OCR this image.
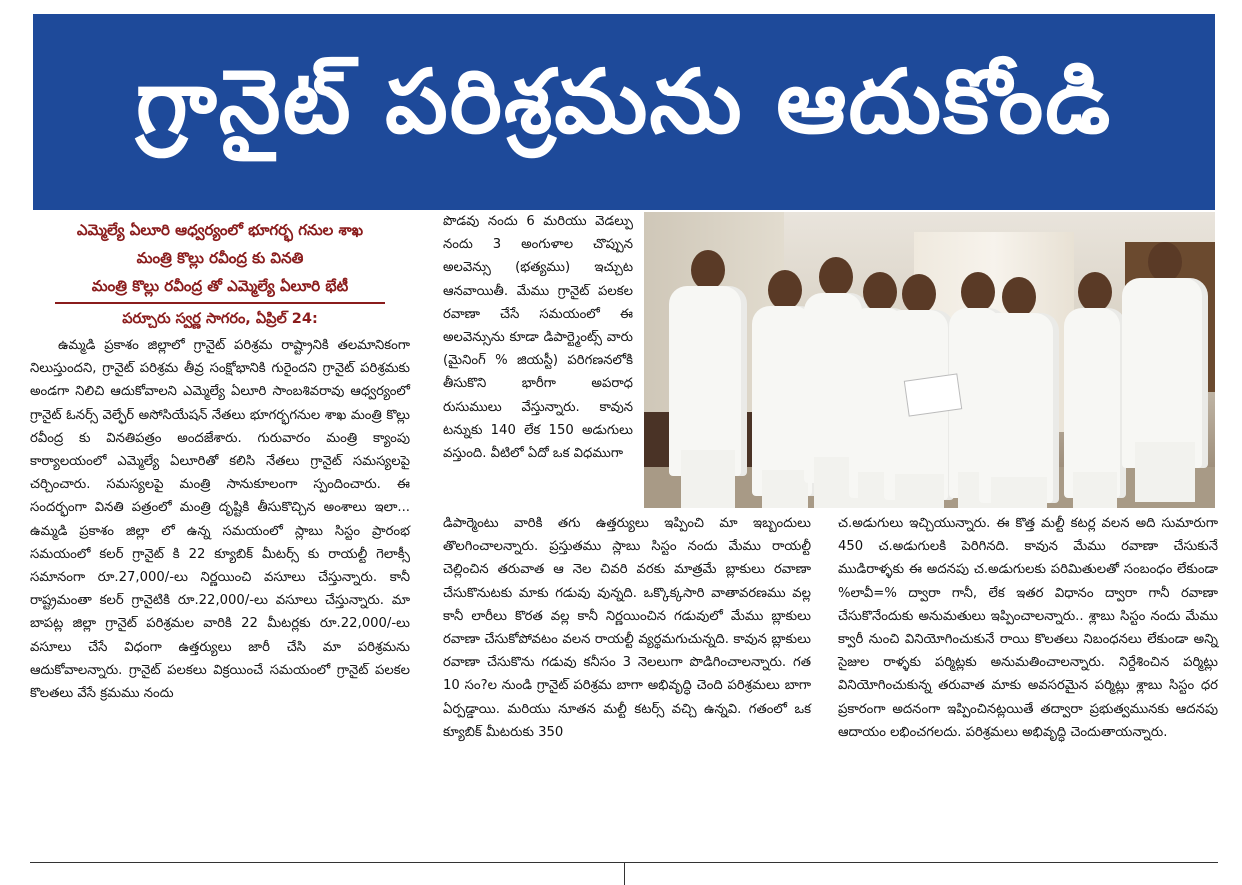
గ్రానైట్ పరిశ్రమను ఆదుకోండి
ఎమ్మెల్యే ఏలూరి ఆధ్వర్యంలో భూగర్భ గనుల శాఖ
మంత్రి కొల్లు రవీంద్ర కు వినతి
మంత్రి కొల్లు రవీంద్ర తో ఎమ్మెల్యే ఏలూరి భేటీ
పర్చూరు స్వర్ణ సాగరం, ఏప్రిల్ 24:

ఉమ్మడి ప్రకాశం జిల్లాలో గ్రానైట్ పరిశ్రమ రాష్ట్రానికి తలమానికంగా నిలుస్తుందని, గ్రానైట్ పరిశ్రమ తీవ్ర సంక్షోభానికి గురైందని గ్రానైట్ పరిశ్రమకు అండగా నిలిచి ఆదుకోవాలని ఎమ్మెల్యే ఏలూరి సాంబశివరావు ఆధ్వర్యంలో గ్రానైట్ ఓనర్స్ వెల్ఫేర్ అసోసియేషన్ నేతలు భూగర్భగనుల శాఖ మంత్రి కొల్లు రవీంద్ర కు వినతిపత్రం అందజేశారు. గురువారం మంత్రి క్యాంపు కార్యాలయంలో ఎమ్మెల్యే ఏలూరితో కలిసి నేతలు గ్రానైట్ సమస్యలపై చర్చించారు. సమస్యలపై మంత్రి సానుకూలంగా స్పందించారు. ఈ సందర్భంగా వినతి పత్రంలో మంత్రి దృష్టికి తీసుకొచ్చిన అంశాలు ఇలా... ఉమ్మడి ప్రకాశం జిల్లా లో ఉన్న సమయంలో స్లాబు సిస్టం ప్రారంభ సమయంలో కలర్ గ్రానైట్ కి 22 క్యూబిక్ మీటర్స్ కు రాయల్టీ గెలాక్సీ సమానంగా రూ.27,000/-లు నిర్ణయించి వసూలు చేస్తున్నారు. కానీ రాష్ట్రమంతా కలర్ గ్రానైటికి రూ.22,000/-లు వసూలు చేస్తున్నారు. మా బాపట్ల జిల్లా గ్రానైట్ పరిశ్రమల వారికి 22 మీటర్లకు రూ.22,000/-లు వసూలు చేసే విధంగా ఉత్తర్యులు జారీ చేసి మా పరిశ్రమను ఆదుకోవాలన్నారు. గ్రానైట్ పలకలు విక్రయించే సమయంలో గ్రానైట్ పలకల కొలతలు వేసే క్రమము నందు

పొడవు నందు 6 మరియు వెడల్పు నందు 3 అంగుళాల చొప్పున అలవెన్సు (భత్యము) ఇచ్చుట ఆనవాయితీ. మేము గ్రానైట్ పలకల రవాణా చేసే సమయంలో ఈ అలవెన్సును కూడా డిపార్ట్మెంట్స్ వారు (మైనింగ్ % జియస్టీ) పరిగణనలోకి తీసుకొని భారీగా అపరాధ రుసుములు వేస్తున్నారు. కావున టన్నుకు 140 లేక 150 అడుగులు వస్తుంది. వీటిలో ఏదో ఒక విధముగా

డిపార్మెంటు వారికి తగు ఉత్తర్యులు ఇప్పించి మా ఇబ్బందులు తొలగించాలన్నారు. ప్రస్తుతము స్లాబు సిస్టం నందు మేము రాయల్టీ చెల్లించిన తరువాత ఆ నెల చివరి వరకు మాత్రమే బ్లాకులు రవాణా చేసుకొనుటకు మాకు గడువు వున్నది. ఒక్కొక్కసారి వాతావరణము వల్ల కానీ లారీలు కొరత వల్ల కానీ నిర్ణయించిన గడువులో మేము బ్లాకులు రవాణా చేసుకోపోవటం వలన రాయల్టీ వ్యర్థమగుచున్నది. కావున బ్లాకులు రవాణా చేసుకొను గడువు కనీసం 3 నెలలుగా పొడిగించాలన్నారు. గత 10 సం?ల నుండి గ్రానైట్ పరిశ్రమ బాగా అభివృద్ధి చెంది పరిశ్రమలు బాగా ఏర్పడ్డాయి. మరియు నూతన మల్టీ కటర్స్ వచ్చి ఉన్నవి. గతంలో ఒక క్యూబిక్ మీటరుకు 350

చ.అడుగులు ఇచ్చియున్నారు. ఈ కొత్త మల్టీ కటర్ల వలన అది సుమారుగా 450 చ.అడుగులకి పెరిగినది. కావున మేము రవాణా చేసుకునే ముడిరాళ్ళకు ఈ అదనపు చ.అడుగులకు పరిమితులతో సంబంధం లేకుండా %లావీ=% ద్వారా గానీ, లేక ఇతర విధానం ద్వారా గానీ రవాణా చేసుకొనేందుకు అనుమతులు ఇప్పించాలన్నారు.. శ్లాబు సిస్టం నందు మేము క్వారీ నుంచి వినియోగించుకునే రాయి కొలతలు నిబంధనలు లేకుండా అన్ని సైజుల రాళ్ళకు పర్మిట్లకు అనుమతించాలన్నారు. నిర్దేశించిన పర్మిట్లు వినియోగించుకున్న తరువాత మాకు అవసరమైన పర్మిట్లు శ్లాబు సిస్టం ధర ప్రకారంగా అదనంగా ఇప్పించినట్లయితే తద్వారా ప్రభుత్వమునకు ఆదనపు ఆదాయం లభించగలదు. పరిశ్రమలు అభివృద్ధి చెందుతాయన్నారు.
